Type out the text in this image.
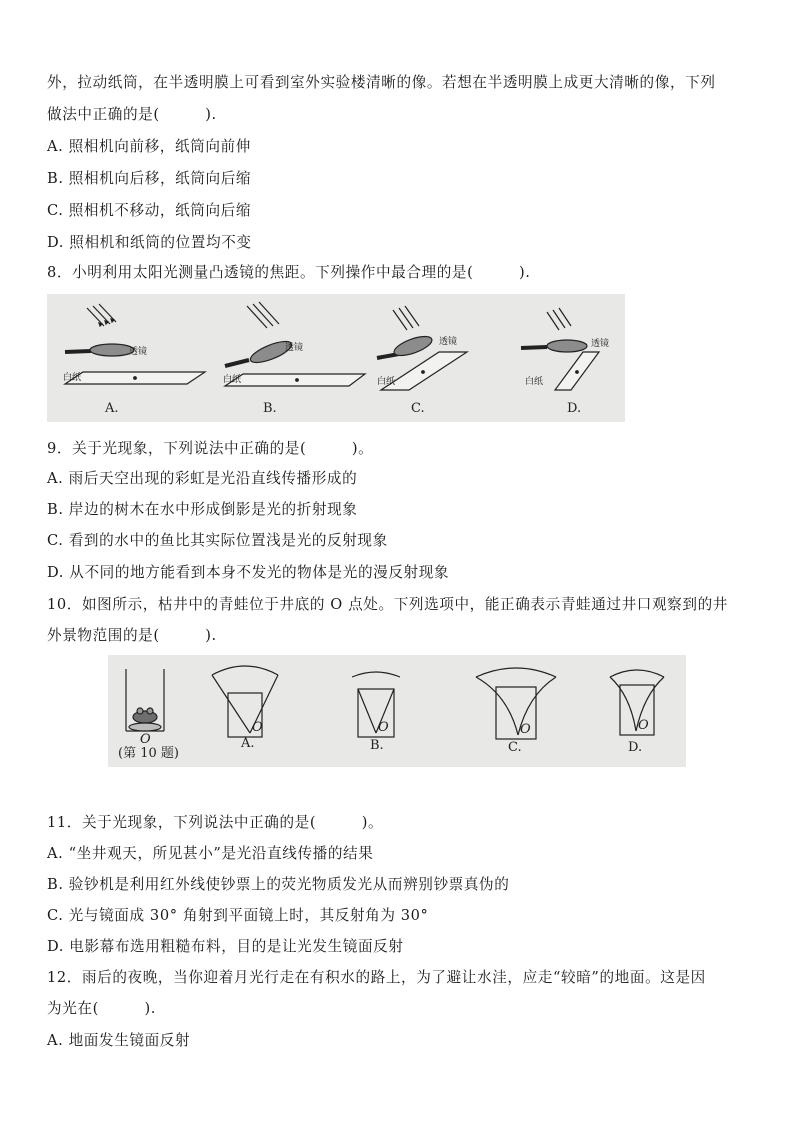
外，拉动纸筒，在半透明膜上可看到室外实验楼清晰的像。若想在半透明膜上成更大清晰的像，下列
做法中正确的是(　　　).
A. 照相机向前移，纸筒向前伸
B. 照相机向后移，纸筒向后缩
C. 照相机不移动，纸筒向后缩
D. 照相机和纸筒的位置均不变
8．小明利用太阳光测量凸透镜的焦距。下列操作中最合理的是(　　　).
透镜	透镜
透镜	透镜
白纸	白纸	白纸	白纸
A.	B.	C.	D.
9．关于光现象，下列说法中正确的是(　　　)。
A. 雨后天空出现的彩虹是光沿直线传播形成的
B. 岸边的树木在水中形成倒影是光的折射现象
C. 看到的水中的鱼比其实际位置浅是光的反射现象
D. 从不同的地方能看到本身不发光的物体是光的漫反射现象
10．如图所示，枯井中的青蛙位于井底的 O 点处。下列选项中，能正确表示青蛙通过井口观察到的井
外景物范围的是(　　　).
O
O	O	O	O
(第 10 题)
A.	B.	C.	D.
11．关于光现象，下列说法中正确的是(　　　)。
A. “坐井观天，所见甚小”是光沿直线传播的结果
B. 验钞机是利用红外线使钞票上的荧光物质发光从而辨别钞票真伪的
C. 光与镜面成 30° 角射到平面镜上时，其反射角为 30°
D. 电影幕布选用粗糙布料，目的是让光发生镜面反射
12．雨后的夜晚，当你迎着月光行走在有积水的路上，为了避让水洼，应走“较暗”的地面。这是因
为光在(　　　).
A. 地面发生镜面反射
